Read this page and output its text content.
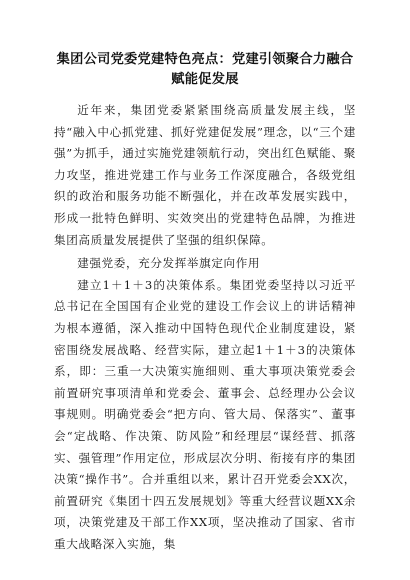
集团公司党委党建特色亮点：党建引领聚合力融合赋能促发展

近年来，集团党委紧紧围绕高质量发展主线，坚持“融入中心抓党建、抓好党建促发展”理念，以“三个建强”为抓手，通过实施党建领航行动，突出红色赋能、聚力攻坚，推进党建工作与业务工作深度融合，各级党组织的政治和服务功能不断强化，并在改革发展实践中，形成一批特色鲜明、实效突出的党建特色品牌，为推进集团高质量发展提供了坚强的组织保障。

建强党委，充分发挥举旗定向作用

建立1＋1＋3的决策体系。集团党委坚持以习近平总书记在全国国有企业党的建设工作会议上的讲话精神为根本遵循，深入推动中国特色现代企业制度建设，紧密围绕发展战略、经营实际，建立起1＋1＋3的决策体系，即：三重一大决策实施细则、重大事项决策党委会前置研究事项清单和党委会、董事会、总经理办公会议事规则。明确党委会“把方向、管大局、保落实”、董事会“定战略、作决策、防风险”和经理层“谋经营、抓落实、强管理”作用定位，形成层次分明、衔接有序的集团决策“操作书”。合并重组以来，累计召开党委会XX次，前置研究《集团十四五发展规划》等重大经营议题XX余项，决策党建及干部工作XX项，坚决推动了国家、省市重大战略深入实施，集
